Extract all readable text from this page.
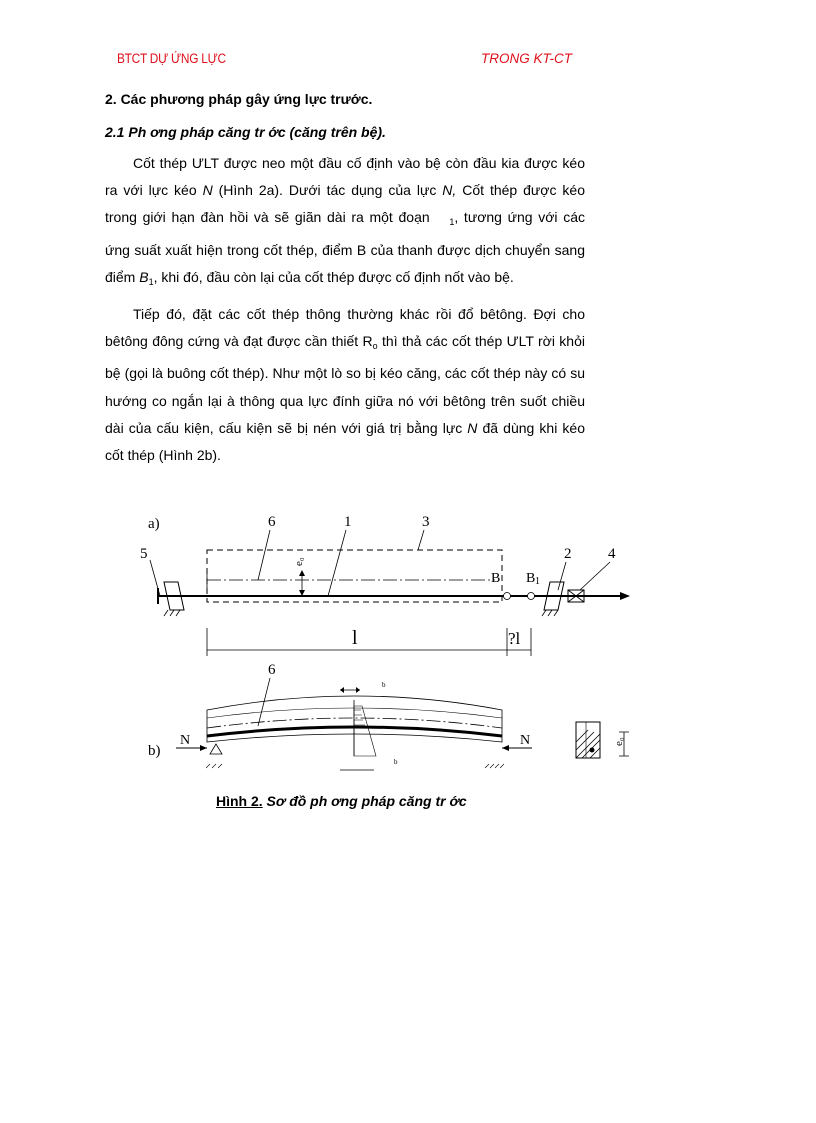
BTCT DỰ ỨNG LỰC	TRONG KT-CT
2. Các phương pháp gây ứng lực trước.
2.1 Ph ơng pháp căng tr ớc (căng trên bệ).

Cốt thép ƯLT được neo một đầu cố định vào bệ còn đầu kia được kéo ra với lực kéo N (Hình 2a). Dưới tác dụng của lực N, Cốt thép được kéo trong giới hạn đàn hồi và sẽ giãn dài ra một đoạn $_1$, tương ứng với các ứng suất xuất hiện trong cốt thép, điểm B của thanh được dịch chuyển sang điểm $B_1$, khi đó, đầu còn lại của cốt thép được cố định nốt vào bệ.

Tiếp đó, đặt các cốt thép thông thường khác rồi đổ bêtông. Đợi cho bêtông đông cứng và đạt được cần thiết $R_o$ thì thả các cốt thép ƯLT rời khỏi bệ (gọi là buông cốt thép). Như một lò so bị kéo căng, các cốt thép này có su hướng co ngắn lại à thông qua lực đính giữa nó với bêtông trên suốt chiều dài của cấu kiện, cấu kiện sẽ bị nén với giá trị bằng lực N đã dùng khi kéo cốt thép (Hình 2b).

a)	6	1	3
5	2 4
e₀
B B 1
l	?l
6
b)
N	N
b
b
e₀
Hình 2. Sơ đồ ph ơng pháp căng tr ớc
